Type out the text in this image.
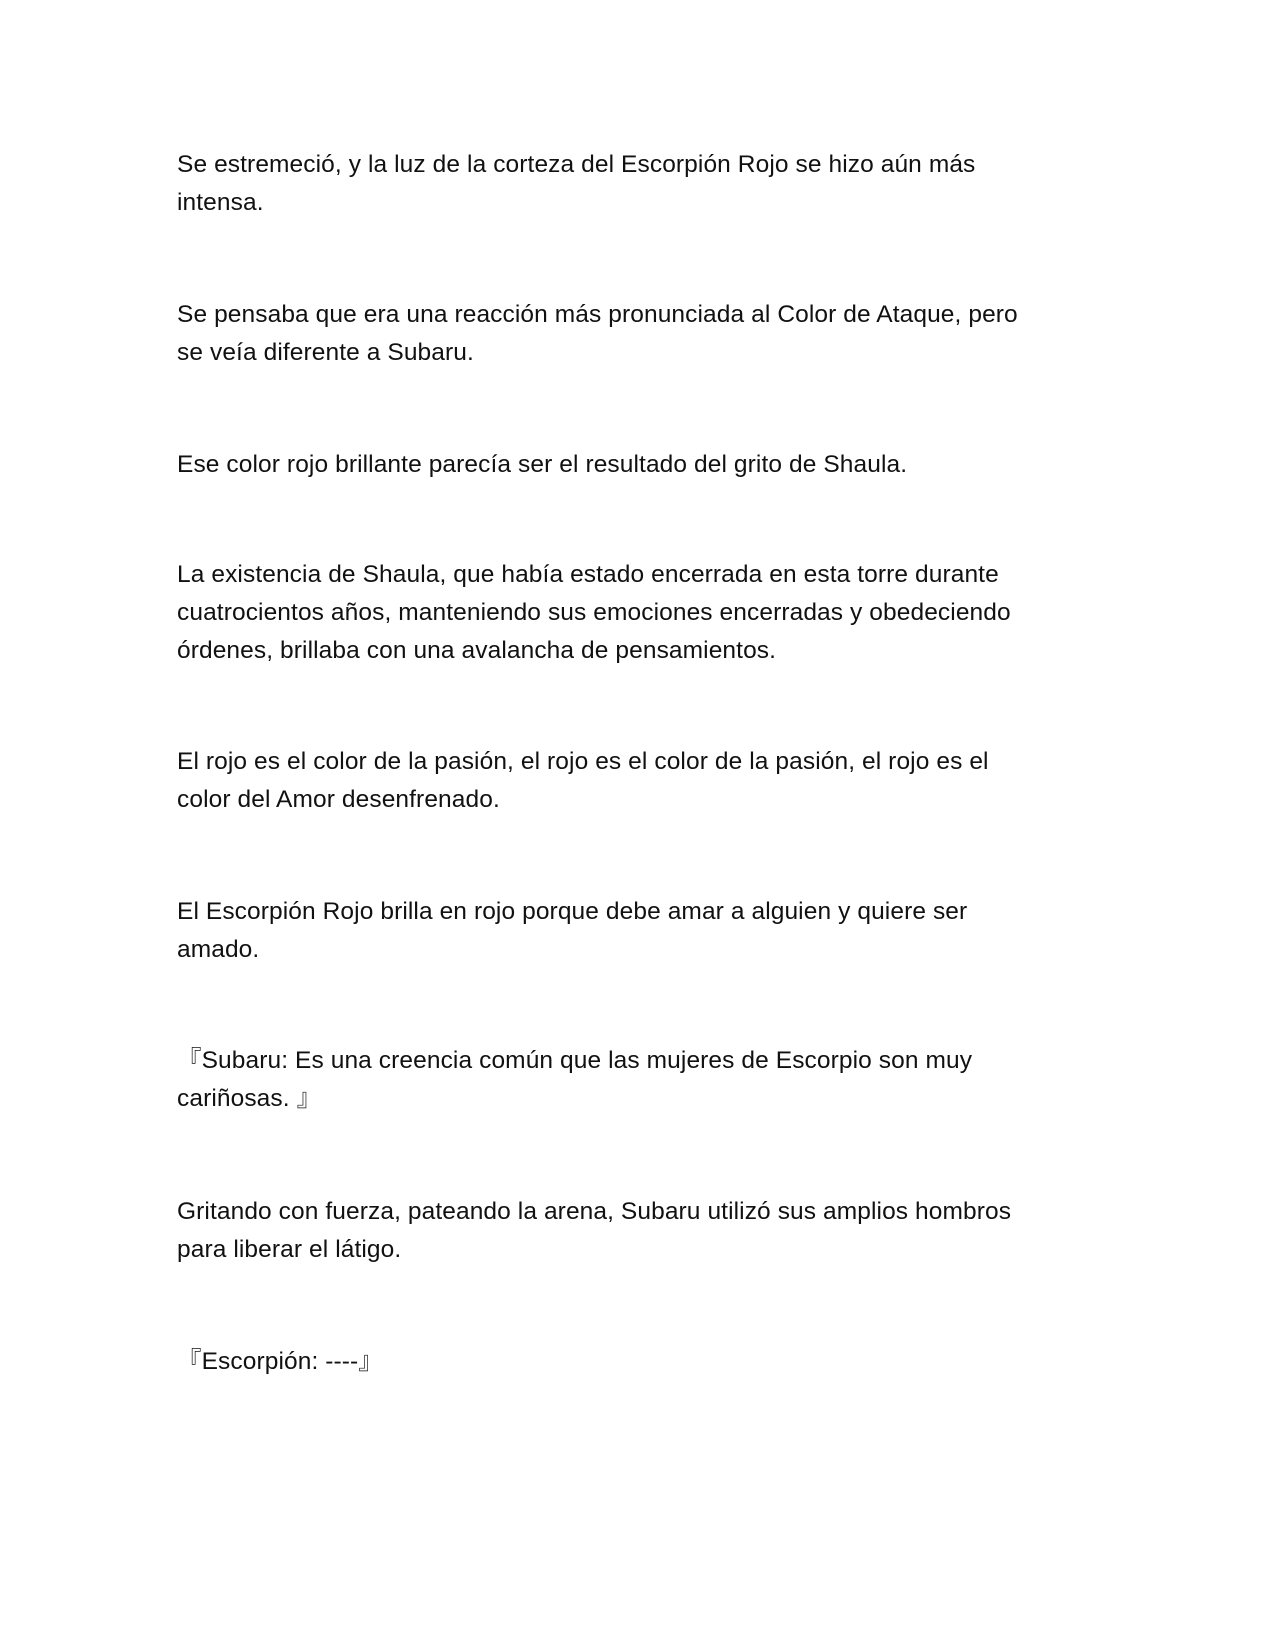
Se estremeció, y la luz de la corteza del Escorpión Rojo se hizo aún más
intensa.

Se pensaba que era una reacción más pronunciada al Color de Ataque, pero
se veía diferente a Subaru.

Ese color rojo brillante parecía ser el resultado del grito de Shaula.

La existencia de Shaula, que había estado encerrada en esta torre durante
cuatrocientos años, manteniendo sus emociones encerradas y obedeciendo
órdenes, brillaba con una avalancha de pensamientos.

El rojo es el color de la pasión, el rojo es el color de la pasión, el rojo es el
color del Amor desenfrenado.

El Escorpión Rojo brilla en rojo porque debe amar a alguien y quiere ser
amado.

『Subaru: Es una creencia común que las mujeres de Escorpio son muy
cariñosas. 』

Gritando con fuerza, pateando la arena, Subaru utilizó sus amplios hombros
para liberar el látigo.

『Escorpión: ----』
